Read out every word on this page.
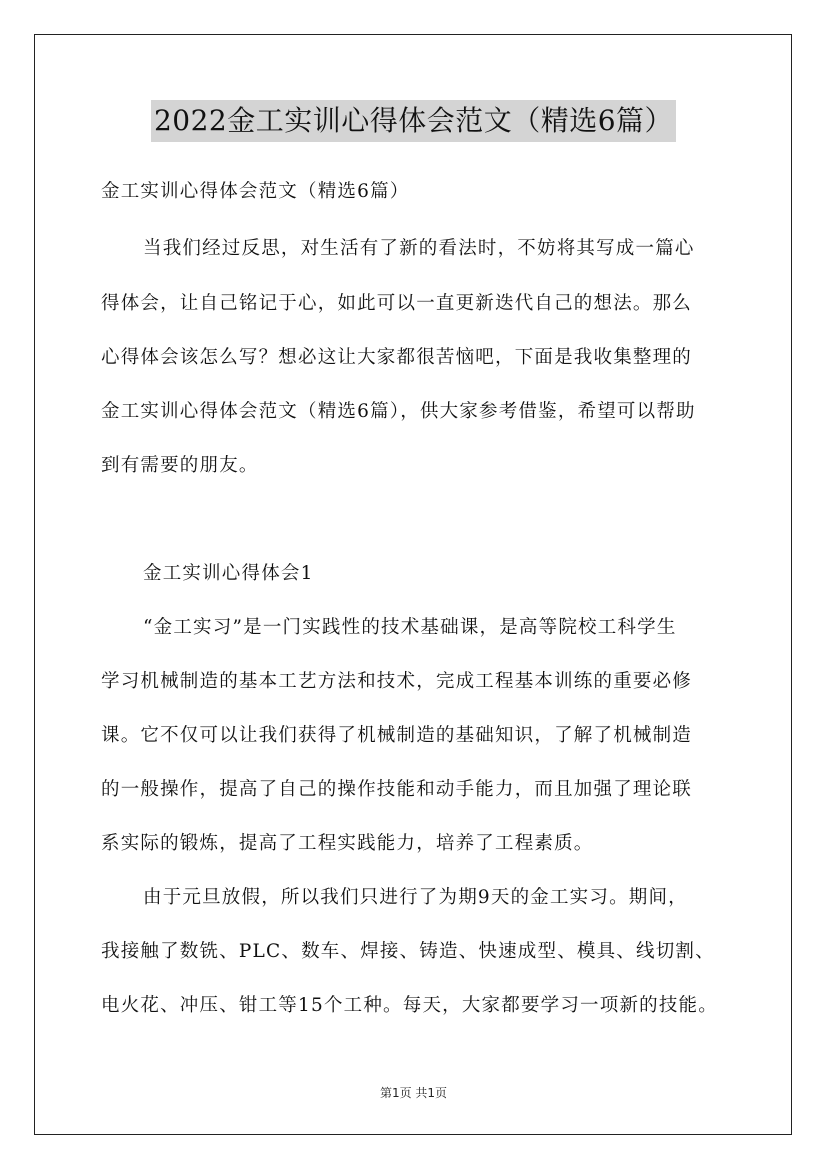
2022金工实训心得体会范文（精选6篇）
金工实训心得体会范文（精选6篇）
当我们经过反思，对生活有了新的看法时，不妨将其写成一篇心
得体会，让自己铭记于心，如此可以一直更新迭代自己的想法。那么
心得体会该怎么写？想必这让大家都很苦恼吧，下面是我收集整理的
金工实训心得体会范文（精选6篇），供大家参考借鉴，希望可以帮助
到有需要的朋友。
金工实训心得体会1
“金工实习”是一门实践性的技术基础课，是高等院校工科学生
学习机械制造的基本工艺方法和技术，完成工程基本训练的重要必修
课。它不仅可以让我们获得了机械制造的基础知识，了解了机械制造
的一般操作，提高了自己的操作技能和动手能力，而且加强了理论联
系实际的锻炼，提高了工程实践能力，培养了工程素质。
由于元旦放假，所以我们只进行了为期9天的金工实习。期间，
我接触了数铣、PLC、数车、焊接、铸造、快速成型、模具、线切割、
电火花、冲压、钳工等15个工种。每天，大家都要学习一项新的技能。
第1页 共1页
